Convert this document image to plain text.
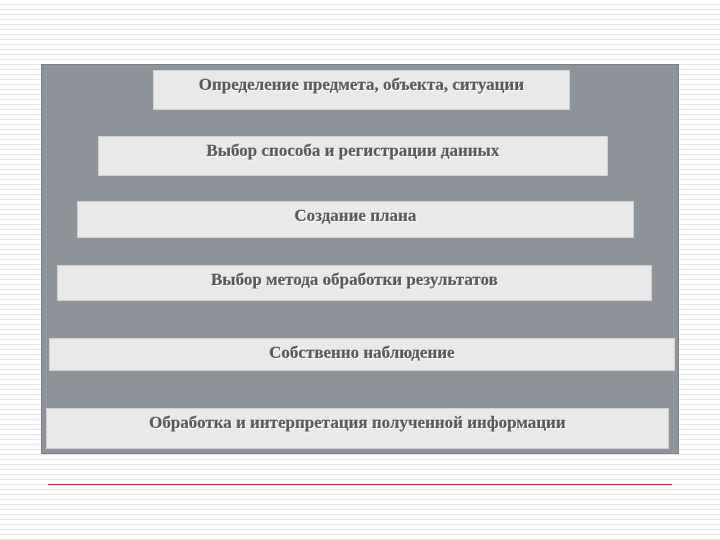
Определение предмета, объекта, ситуации
Выбор способа и регистрации данных
Создание плана
Выбор метода обработки результатов
Собственно наблюдение
Обработка и интерпретация полученной информации
